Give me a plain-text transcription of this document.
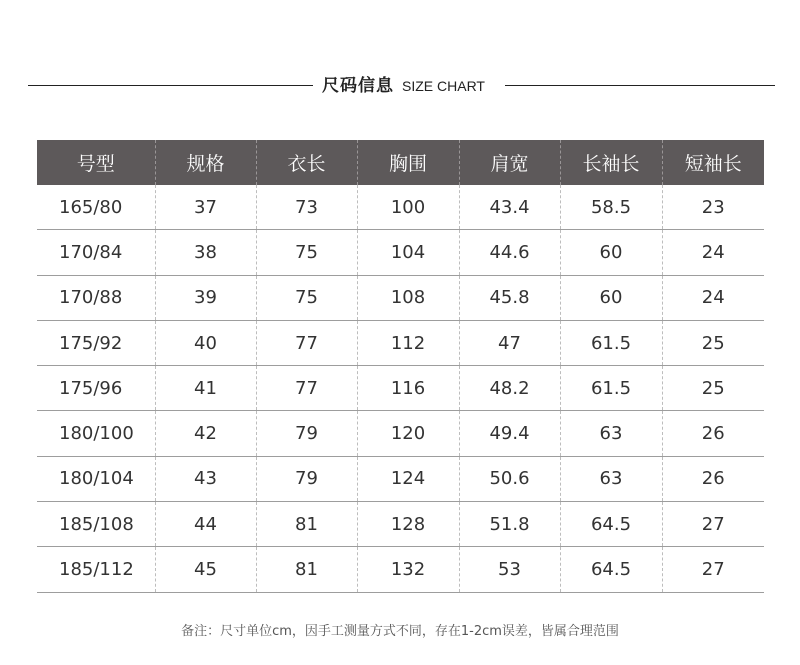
尺码信息 SIZE CHART
号型	规格	衣长	胸围	肩宽	长袖长	短袖长
165/80	37	73	100	43.4	58.5	23
170/84	38	75	104	44.6	60	24
170/88	39	75	108	45.8	60	24
175/92	40	77	112	47	61.5	25
175/96	41	77	116	48.2	61.5	25
180/100	42	79	120	49.4	63	26
180/104	43	79	124	50.6	63	26
185/108	44	81	128	51.8	64.5	27
185/112	45	81	132	53	64.5	27
备注：尺寸单位cm，因手工测量方式不同，存在1-2cm误差，皆属合理范围
